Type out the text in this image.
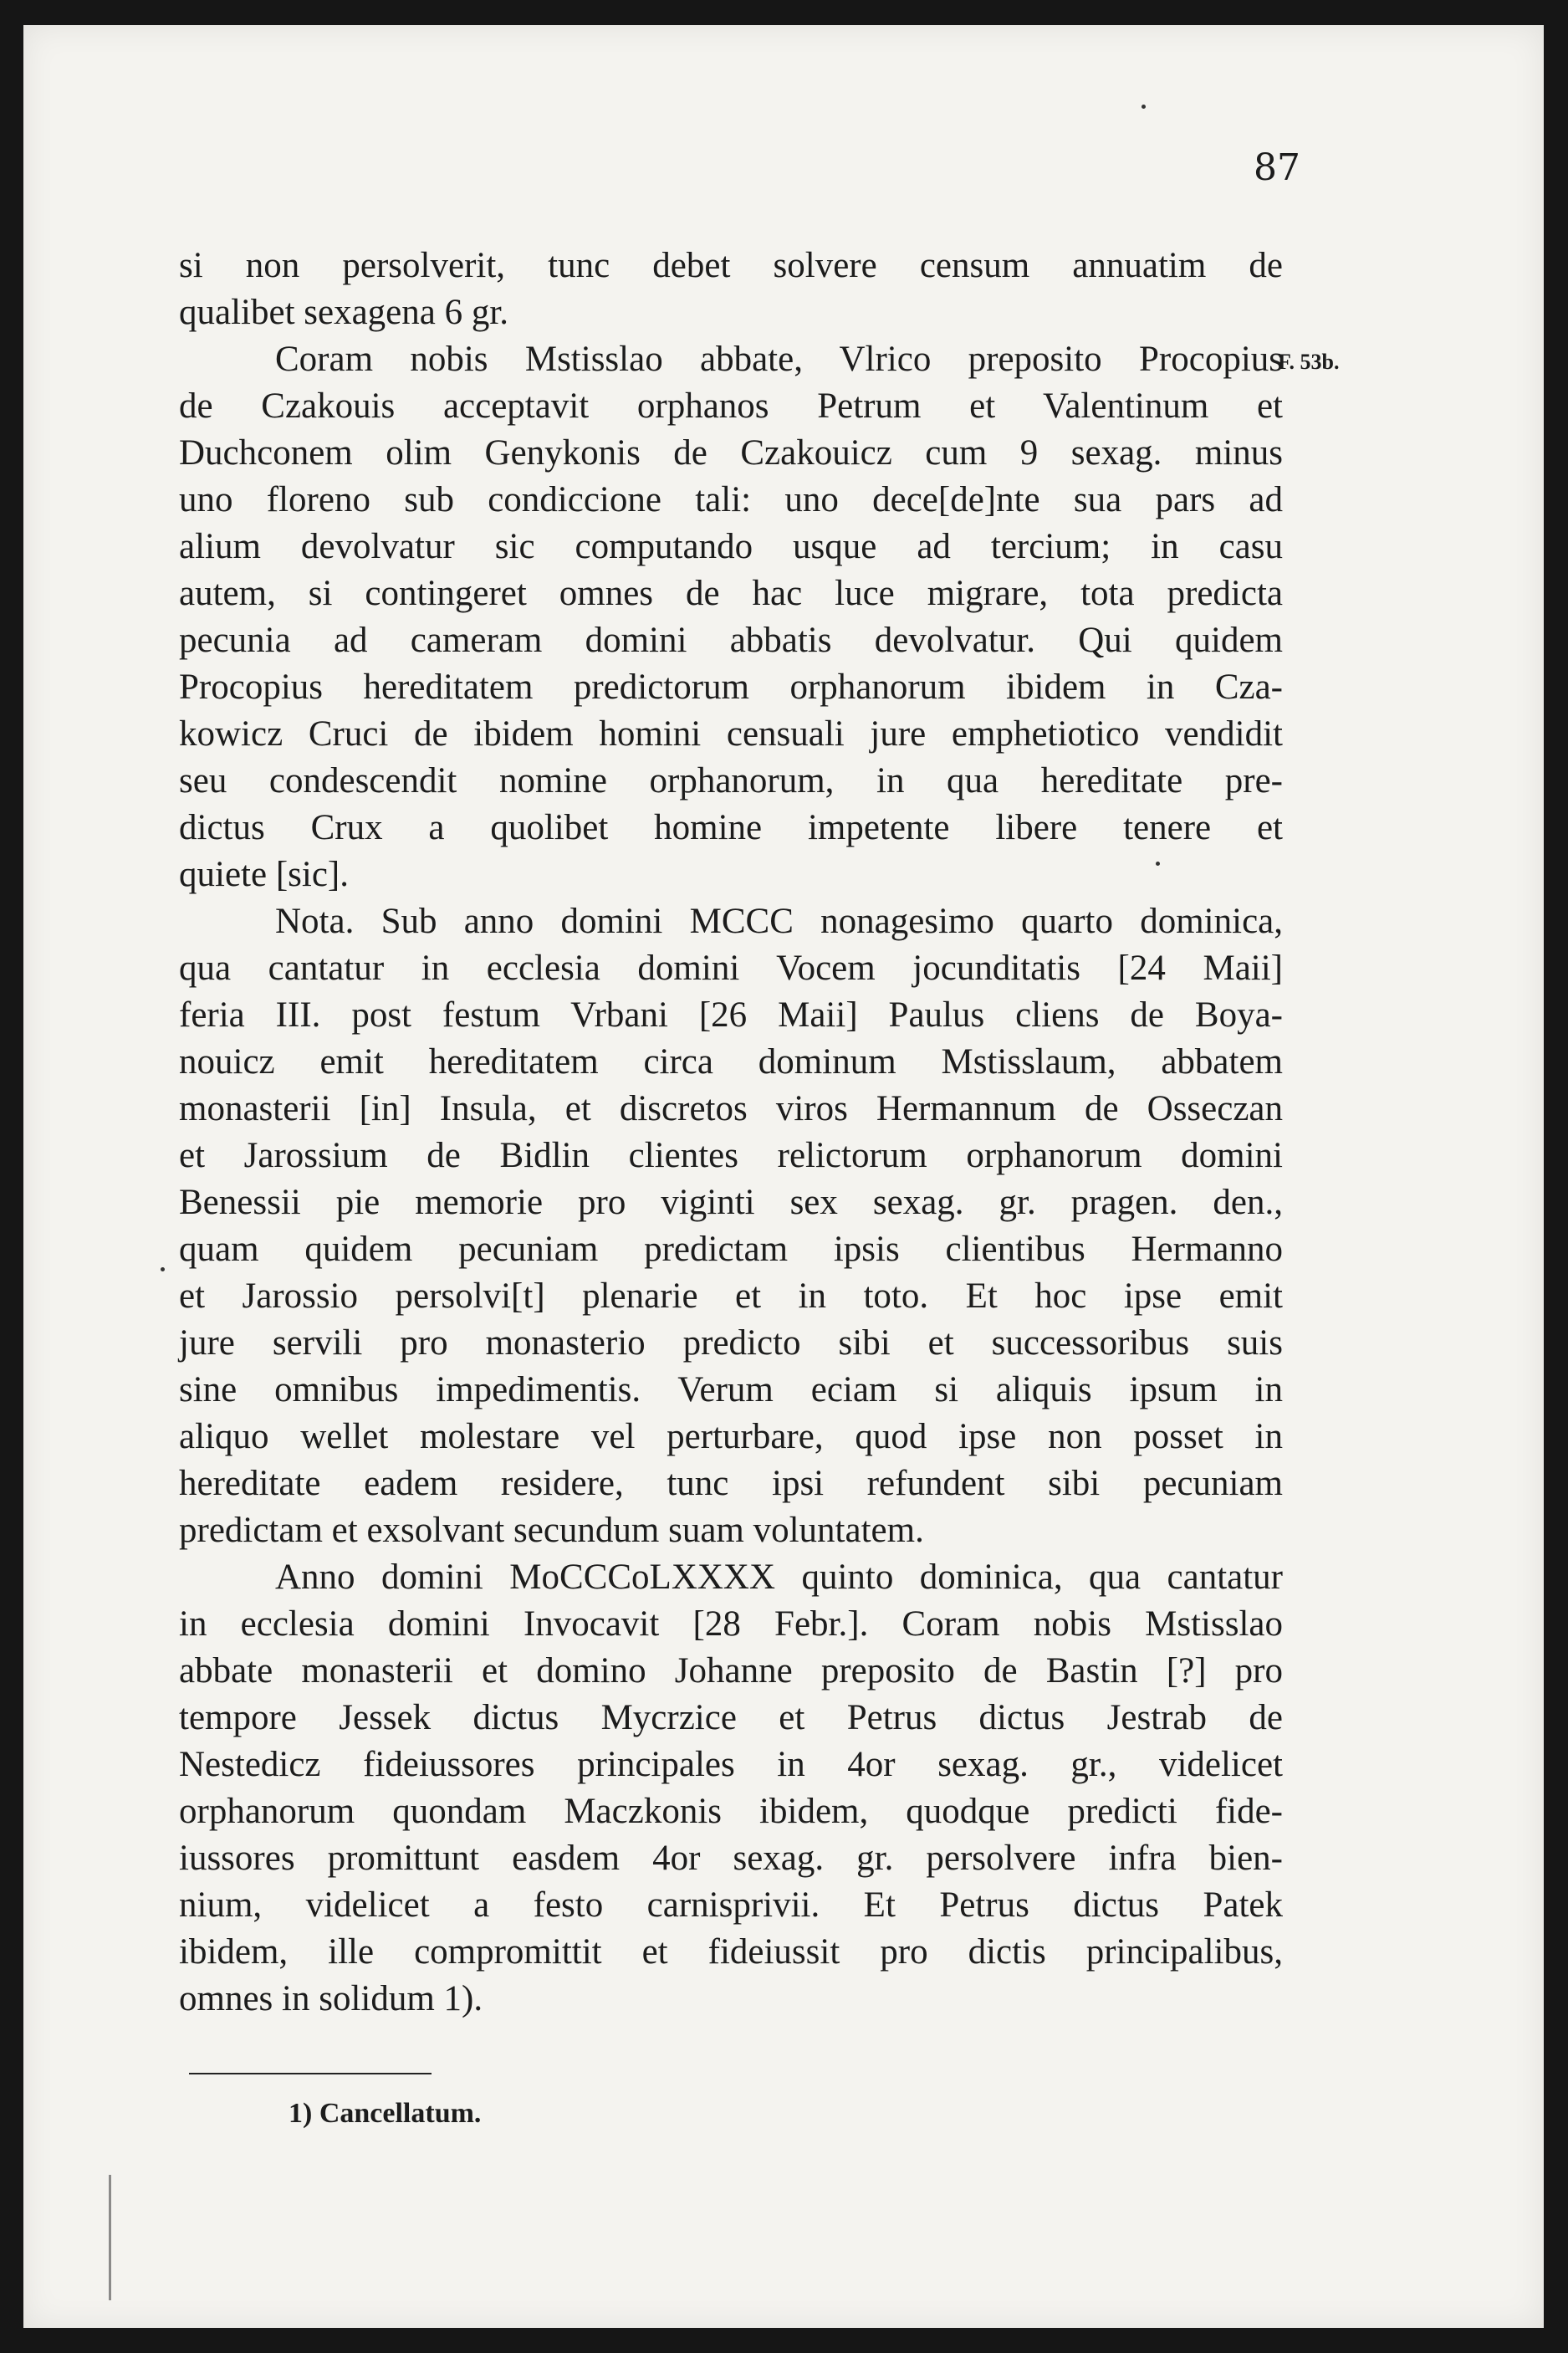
87
F. 53b.
si non persolverit, tunc debet solvere censum annuatim de
qualibet sexagena 6 gr.
Coram nobis Mstisslao abbate, Vlrico preposito Procopius
de Czakouis acceptavit orphanos Petrum et Valentinum et
Duchconem olim Genykonis de Czakouicz cum 9 sexag. minus
uno floreno sub condiccione tali: uno dece[de]nte sua pars ad
alium devolvatur sic computando usque ad tercium; in casu
autem, si contingeret omnes de hac luce migrare, tota predicta
pecunia ad cameram domini abbatis devolvatur. Qui quidem
Procopius hereditatem predictorum orphanorum ibidem in Cza-
kowicz Cruci de ibidem homini censuali jure emphetiotico vendidit
seu condescendit nomine orphanorum, in qua hereditate pre-
dictus Crux a quolibet homine impetente libere tenere et
quiete [sic].
Nota. Sub anno domini MCCC nonagesimo quarto dominica,
qua cantatur in ecclesia domini Vocem jocunditatis [24 Maii]
feria III. post festum Vrbani [26 Maii] Paulus cliens de Boya-
nouicz emit hereditatem circa dominum Mstisslaum, abbatem
monasterii [in] Insula, et discretos viros Hermannum de Osseczan
et Jarossium de Bidlin clientes relictorum orphanorum domini
Benessii pie memorie pro viginti sex sexag. gr. pragen. den.,
quam quidem pecuniam predictam ipsis clientibus Hermanno
et Jarossio persolvi[t] plenarie et in toto. Et hoc ipse emit
jure servili pro monasterio predicto sibi et successoribus suis
sine omnibus impedimentis. Verum eciam si aliquis ipsum in
aliquo wellet molestare vel perturbare, quod ipse non posset in
hereditate eadem residere, tunc ipsi refundent sibi pecuniam
predictam et exsolvant secundum suam voluntatem.
Anno domini MoCCCoLXXXX quinto dominica, qua cantatur
in ecclesia domini Invocavit [28 Febr.]. Coram nobis Mstisslao
abbate monasterii et domino Johanne preposito de Bastin [?] pro
tempore Jessek dictus Mycrzice et Petrus dictus Jestrab de
Nestedicz fideiussores principales in 4or sexag. gr., videlicet
orphanorum quondam Maczkonis ibidem, quodque predicti fide-
iussores promittunt easdem 4or sexag. gr. persolvere infra bien-
nium, videlicet a festo carnisprivii. Et Petrus dictus Patek
ibidem, ille compromittit et fideiussit pro dictis principalibus,
omnes in solidum 1).
1) Cancellatum.
